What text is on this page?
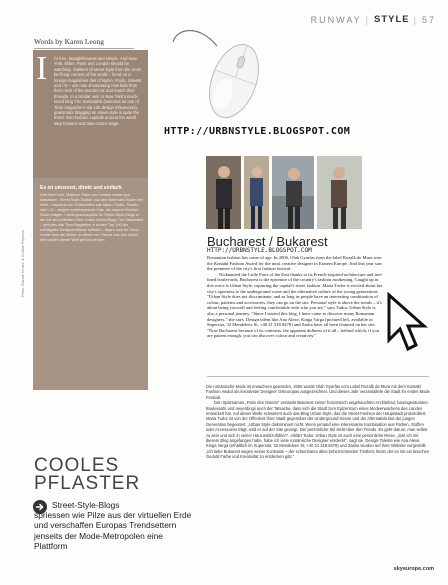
RUNWAY | STYLE | 57
Words by Karen Leong
I t's free, straightforward and simple. And New York, Milan, Paris and London should be watching. Stalkers of street style from the most far-flung corners of the world – hired on a foreign magazines diet of Nylon, Fruits, Streets and i-D – are now showcasing how kids from their neck of the woods mix and match their threads. In a similar vein to New York's much-loved blog The Sartorialist (selected as one of Time magazine's top 100 design influencers), grassroots blogging on street style is quite the trend. Non-fashion capitals around the world step forward and take centre stage.
Es ist umsonst, direkt und einfach.
Und New York, Mailand, Paris und London sollten gut aufpassen. Street-Style-Stalker aus den hintersten Ecken der Welt – inspiriert von Zeitschriften wie Nylon, Fruits, Streets oder i-D – zeigen modebewusste Kids, die eigene Kreative Mode prägen. Lieblingsschauplatz für Street-Style-Blogs in der Art des beliebten New Yorker Mode-Blogs The Sartorialist – welches das Time Magazine in seinen Top 100 der wichtigsten Designeinflüsse aufführt – liegen weit im Trend. Vorbei sind die Zeiten, in denen nur Trends aus den Mode-Metropolen dieser Welt gehört werden.
Photo: Razvan Kinarin & Cristian Popescu
HTTP://URBNSTYLE.BLOGSPOT.COM
Bucharest / Bukarest
HTTP://URBNSTYLE.BLOGSPOT.COM

Romanian fashion has come of age. In 2006, Olah Gyarfas from the label Rozalb de Mura won the Kontakt Fashion Award for the most creative designer in Eastern Europe. And this year saw the premiere of the city's first fashion festival.

Nicknamed the Little Paris of the East thanks to its French-inspired architecture and tree-lined boulevards, Bucharest is the epicentre of the country's fashion awakening. Caught up in this wave is Urban Style, capturing the capital's street fashion. Maria Tudor is excited about her city's openness to the underground scene and the alternative culture of the young generations. "Urban Style does not discriminate, and as long as people have an interesting combination of colour, patterns and accessories, they can go on the site. Personal style is above the trends – it's about being yourself and feeling comfortable with who you are," says Tudor. Urban Style is also a personal journey. "Since I started this blog, I have come to discover many Romanian designers," she says. Design talent like Ana Alexe, Kinga Varga (pictured left, available in Superstar, 33 Mendeleev St, +40 21 318 8478) and Zasha have all been featured on her site. "Now Bucharest because of its contrasts, the apparent dullness of it all – behind which, if you are patient enough, you can discover colour and creativity."

Die rumänische Mode ist erwachsen geworden. 2006 wurde Olah Gyarfas vom Label Rozalb de Mura mit dem Kontakt Fashion Award als kreativster Designer Osteuropas ausgezeichnet. Und dieses Jahr veranstaltete die Stadt ihr erstes Mode Festival.

Den Spitznamen „Paris des Ostens" verdankt Bukarest seiner französisch angehauchten Architektur, baumgesäumten Boulevards und neuerdings auch der Tatsache, dass sich die Stadt zum Epizentrum eines Modeerwachens des Landes entwickelt hat. Auf dieser Welle schwimmt auch das Blog Urban Style, das die Street-Fashion der Hauptstadt protokolliert. Maria Tudor ist von der Offenheit ihrer Stadt gegenüber der Underground-Szene und der Alternativkultur der jungen Generation begeistert. „Urban Style diskriminiert nicht. Wenn jemand eine interessante Kombination aus Farben, Stoffen oder Accessoires trägt, wird er auf der Site gezeigt. Der persönliche Stil steht über den Trends. Es geht darum, man selbst zu sein und sich in seiner Haut wohlzufühlen", erklärt Tudor. Urban Style ist auch eine persönliche Reise. „Seit ich mit diesem Blog angefangen habe, habe ich viele rumänische Designer entdeckt", sagt sie. Design-Talente wie Ana Alexe, Kinga Varga (erhältlich im Superstar, 33 Mendeleev St, +40 21 318 8478) und Zasha wurden auf ihrer Website vorgestellt. „Ich liebe Bukarest wegen seiner Kontraste – der scheinbaren alles beherrschenden Tristheit, hinter der es mit ein bisschen Geduld Farbe und Kreativität zu entdecken gibt."

COOLES
PFLASTER
Street-Style-Blogs
spriessen wie Pilze aus der virtuellen Erde und verschaffen Europas Trendsettern jenseits der Mode-Metropolen eine Plattform
skyeurope.com
